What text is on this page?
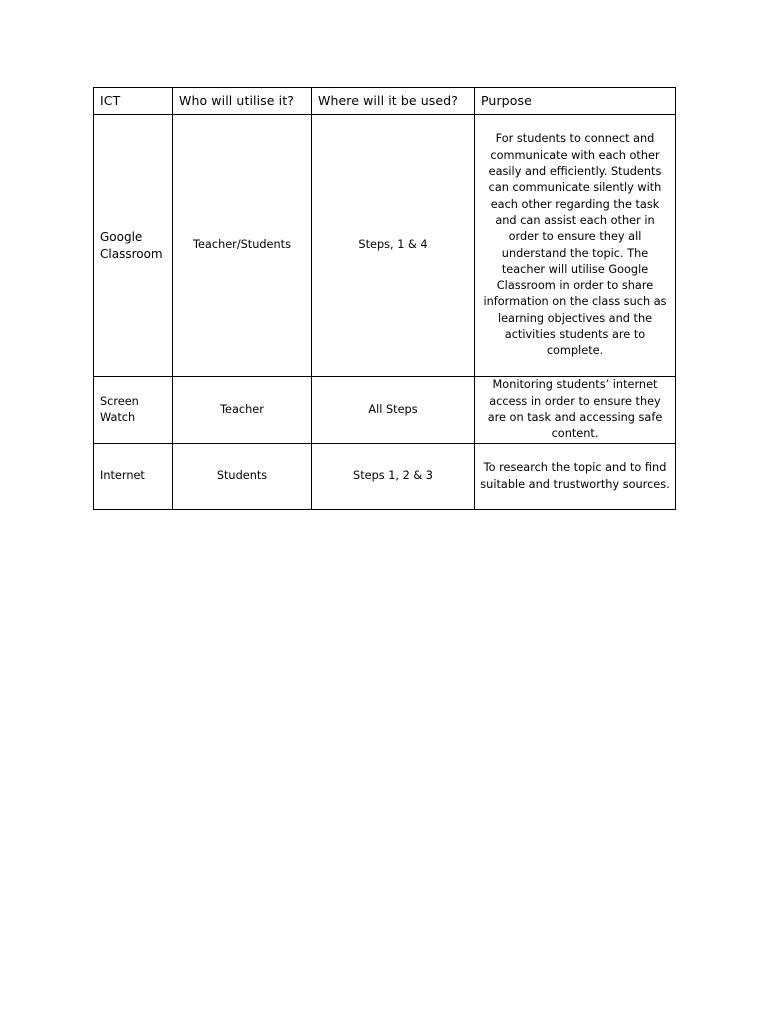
ICT	Who will utilise it?	Where will it be used?	Purpose
Google Classroom	Teacher/Students	Steps, 1 & 4	For students to connect and communicate with each other easily and efficiently. Students can communicate silently with each other regarding the task and can assist each other in order to ensure they all understand the topic. The teacher will utilise Google Classroom in order to share information on the class such as learning objectives and the activities students are to complete.
Screen Watch	Teacher	All Steps	Monitoring students’ internet access in order to ensure they are on task and accessing safe content.
Internet	Students	Steps 1, 2 & 3	To research the topic and to find suitable and trustworthy sources.
